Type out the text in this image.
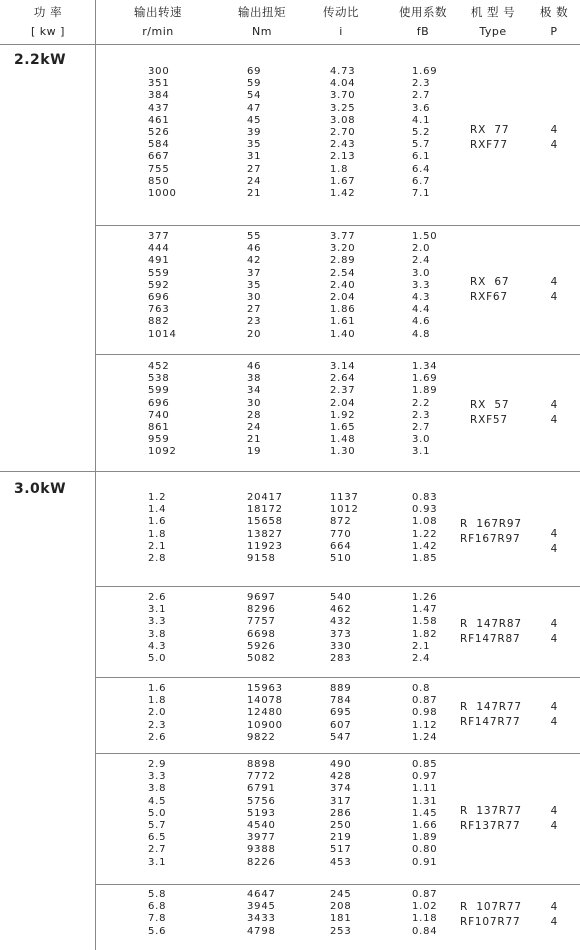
功 率
[ kw ]
输出转速
r/min
输出扭矩
Nm
传动比
i
使用系数
fB
机 型 号
Type
极 数
P
2.2kW
3.0kW
300
351
384
437
461
526
584
667
755
850
1000
69
59
54
47
45
39
35
31
27
24
21
4.73
4.04
3.70
3.25
3.08
2.70
2.43
2.13
1.8
1.67
1.42
1.69
2.3
2.7
3.6
4.1
5.2
5.7
6.1
6.4
6.7
7.1
RX  77
RXF77
4
4
377
444
491
559
592
696
763
882
1014
55
46
42
37
35
30
27
23
20
3.77
3.20
2.89
2.54
2.40
2.04
1.86
1.61
1.40
1.50
2.0
2.4
3.0
3.3
4.3
4.4
4.6
4.8
RX  67
RXF67
4
4
452
538
599
696
740
861
959
1092
46
38
34
30
28
24
21
19
3.14
2.64
2.37
2.04
1.92
1.65
1.48
1.30
1.34
1.69
1.89
2.2
2.3
2.7
3.0
3.1
RX  57
RXF57
4
4
1.2
1.4
1.6
1.8
2.1
2.8
20417
18172
15658
13827
11923
9158
1137
1012
872
770
664
510
0.83
0.93
1.08
1.22
1.42
1.85
R  167R97
RF167R97	4
4
2.6
3.1
3.3
3.8
4.3
5.0
9697
8296
7757
6698
5926
5082
540
462
432
373
330
283
1.26
1.47
1.58
1.82
2.1
2.4
R  147R87
RF147R87
4
4
1.6
1.8
2.0
2.3
2.6
15963
14078
12480
10900
9822
889
784
695
607
547
0.8
0.87
0.98
1.12
1.24
R  147R77
RF147R77
4
4
2.9
3.3
3.8
4.5
5.0
5.7
6.5
2.7
3.1
8898
7772
6791
5756
5193
4540
3977
9388
8226
490
428
374
317
286
250
219
517
453
0.85
0.97
1.11
1.31
1.45
1.66
1.89
0.80
0.91
R  137R77
RF137R77
4
4
5.8
6.8
7.8
5.6
4647
3945
3433
4798
245
208
181
253
0.87
1.02
1.18
0.84
R  107R77
RF107R77
4
4
